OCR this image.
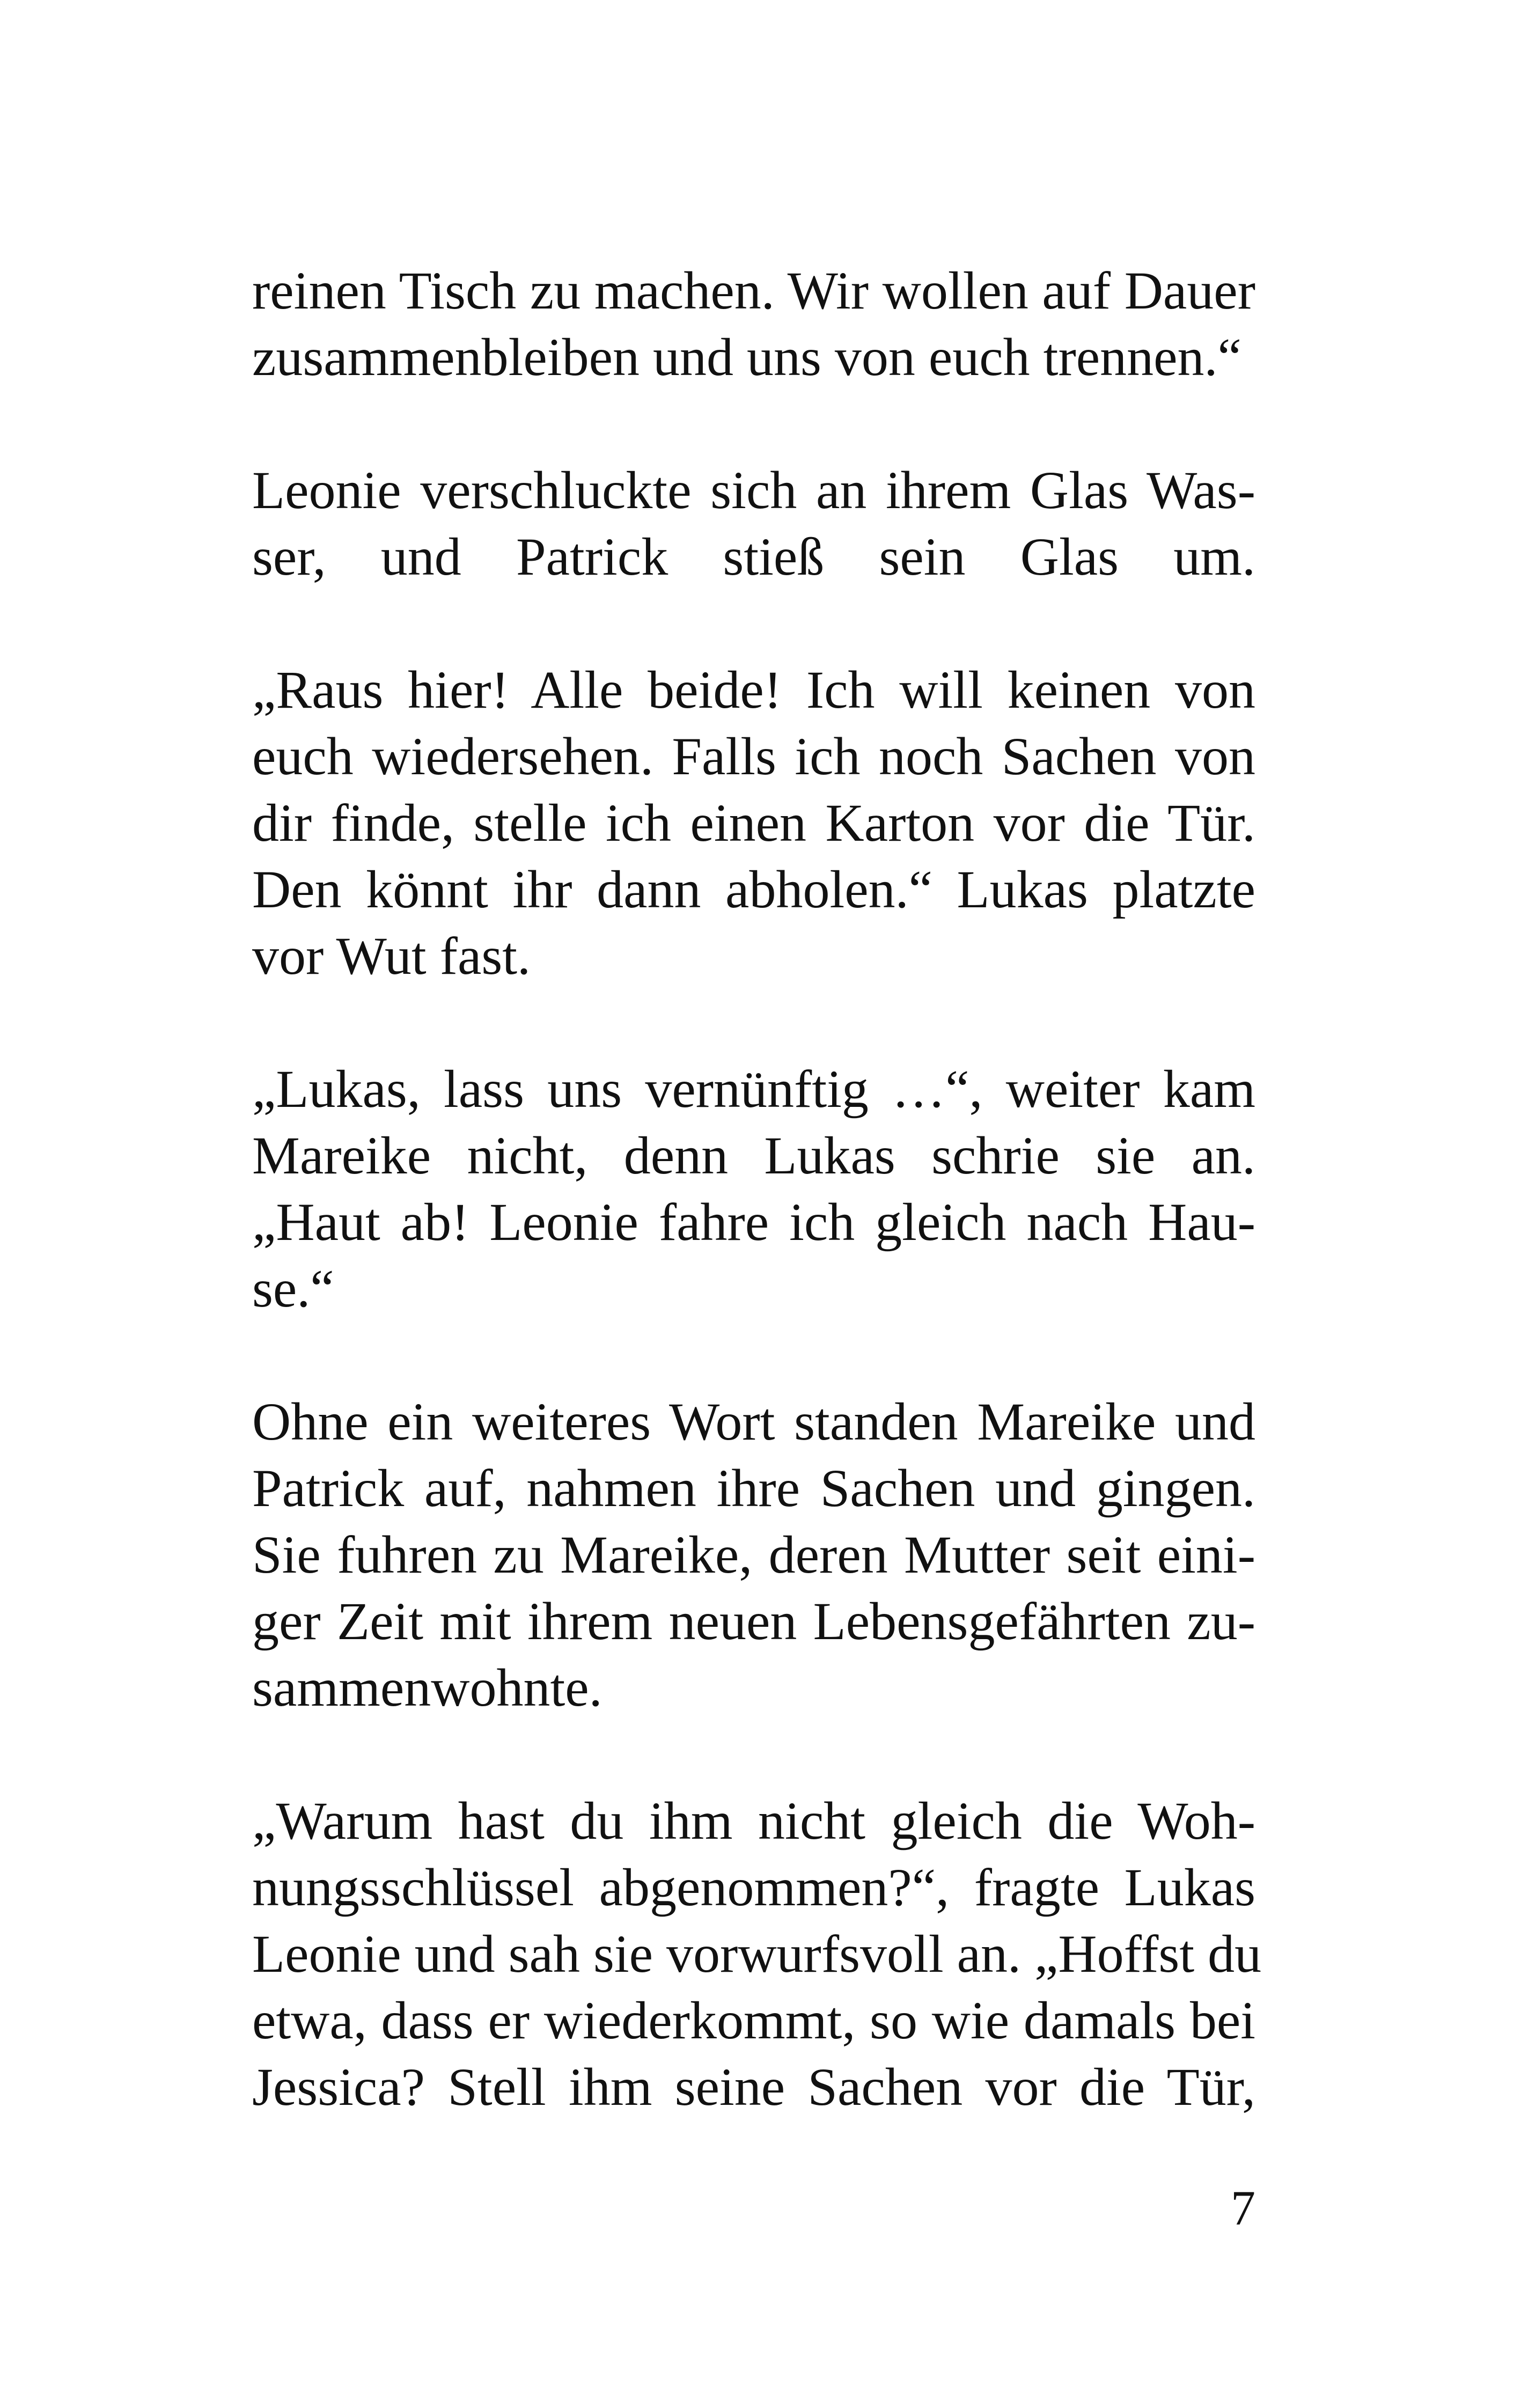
reinen Tisch zu machen. Wir wollen auf Dauer
zusammenbleiben und uns von euch trennen.“

Leonie verschluckte sich an ihrem Glas Was-
ser, und Patrick stieß sein Glas um.

„Raus hier! Alle beide! Ich will keinen von
euch wiedersehen. Falls ich noch Sachen von
dir finde, stelle ich einen Karton vor die Tür.
Den könnt ihr dann abholen.“ Lukas platzte
vor Wut fast.

„Lukas, lass uns vernünftig …“, weiter kam
Mareike nicht, denn Lukas schrie sie an.
„Haut ab! Leonie fahre ich gleich nach Hau-
se.“

Ohne ein weiteres Wort standen Mareike und
Patrick auf, nahmen ihre Sachen und gingen.
Sie fuhren zu Mareike, deren Mutter seit eini-
ger Zeit mit ihrem neuen Lebensgefährten zu-
sammenwohnte.

„Warum hast du ihm nicht gleich die Woh-
nungsschlüssel abgenommen?“, fragte Lukas
Leonie und sah sie vorwurfsvoll an. „Hoffst du
etwa, dass er wiederkommt, so wie damals bei
Jessica? Stell ihm seine Sachen vor die Tür,

7
